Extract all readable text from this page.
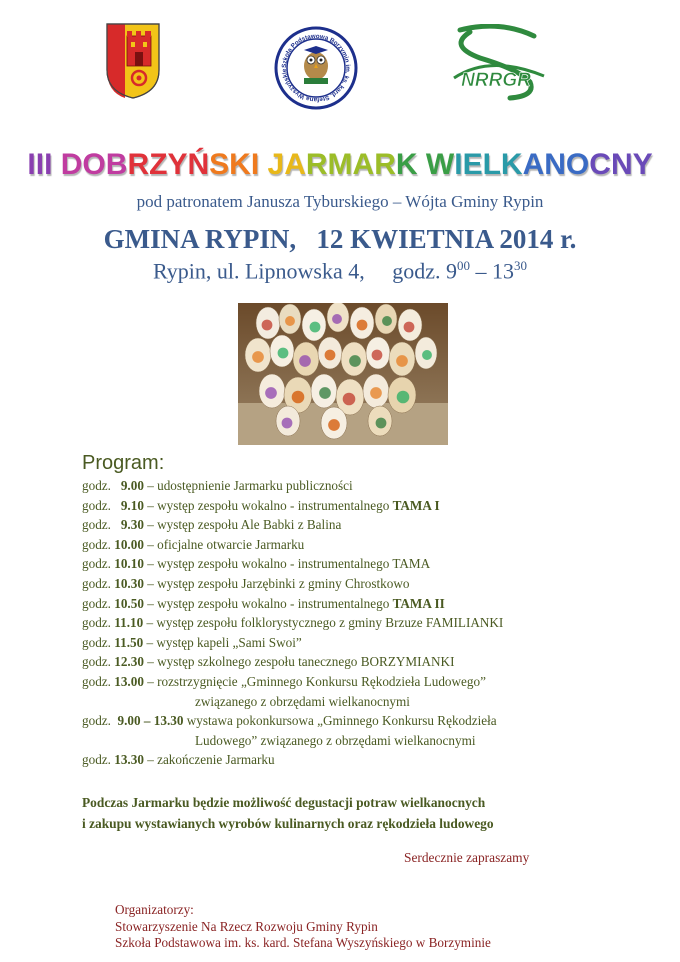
Szkoła Podstawowa Borzymin im. ks. kard. Stefana Wyszyńskie	NRRGR
III DOBRZYŃSKI JARMARK WIELKANOCNY
pod patronatem Janusza Tyburskiego – Wójta Gminy Rypin
GMINA RYPIN,   12 KWIETNIA 2014 r.
Rypin, ul. Lipnowska 4, godz. $9^{00} - 13^{30}$
Program:
godz.   9.00 – udostępnienie Jarmarku publiczności
godz.   9.10 – występ zespołu wokalno - instrumentalnego TAMA I
godz.   9.30 – występ zespołu Ale Babki z Balina
godz. 10.00 – oficjalne otwarcie Jarmarku
godz. 10.10 – występ zespołu wokalno - instrumentalnego TAMA
godz. 10.30 – występ zespołu Jarzębinki z gminy Chrostkowo
godz. 10.50 – występ zespołu wokalno - instrumentalnego TAMA II
godz. 11.10 – występ zespołu folklorystycznego z gminy Brzuze FAMILIANKI
godz. 11.50 – występ kapeli „Sami Swoi”
godz. 12.30 – występ szkolnego zespołu tanecznego BORZYMIANKI
godz. 13.00 – rozstrzygnięcie „Gminnego Konkursu Rękodzieła Ludowego”
związanego z obrzędami wielkanocnymi
godz.  9.00 – 13.30 wystawa pokonkursowa „Gminnego Konkursu Rękodzieła
Ludowego” związanego z obrzędami wielkanocnymi
godz. 13.30 – zakończenie Jarmarku
Podczas Jarmarku będzie możliwość degustacji potraw wielkanocnych
i zakupu wystawianych wyrobów kulinarnych oraz rękodzieła ludowego
Serdecznie zapraszamy
Organizatorzy:
Stowarzyszenie Na Rzecz Rozwoju Gminy Rypin
Szkoła Podstawowa im. ks. kard. Stefana Wyszyńskiego w Borzyminie
